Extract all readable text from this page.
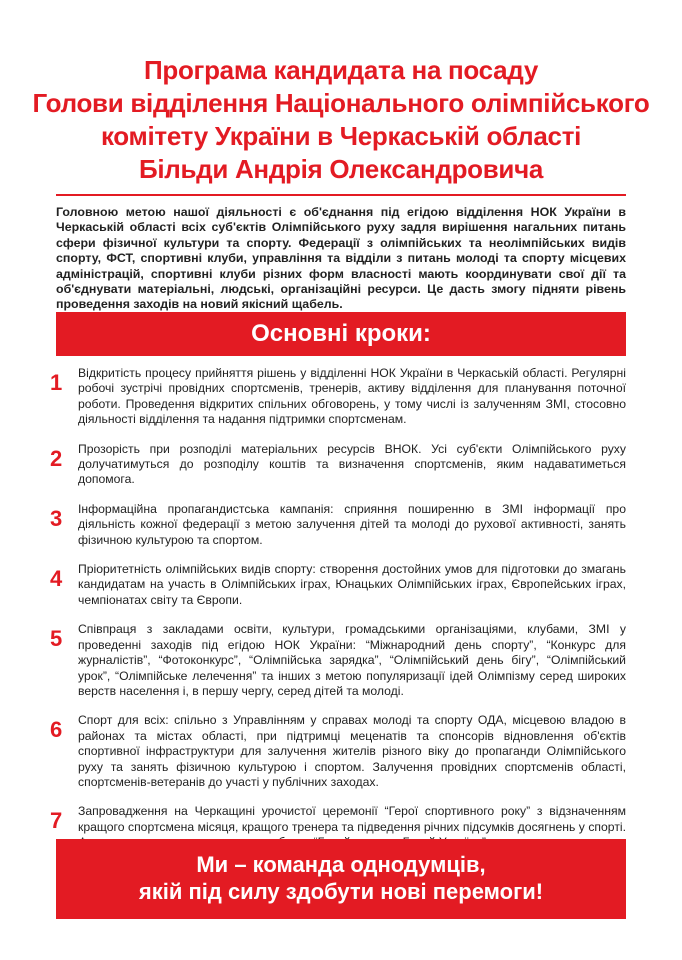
Програма кандидата на посаду
Голови відділення Національного олімпійського
комітету України в Черкаській області
Більди Андрія Олександровича

Головною метою нашої діяльності є об'єднання під егідою відділення НОК України в Черкаській області всіх суб'єктів Олімпійського руху задля вирішення нагальних питань сфери фізичної культури та спорту. Федерації з олімпійських та неолімпійських видів спорту, ФСТ, спортивні клуби, управління та відділи з питань молоді та спорту місцевих адміністрацій, спортивні клуби різних форм власності мають координувати свої дії та об'єднувати матеріальні, людські, організаційні ресурси. Це дасть змогу підняти рівень проведення заходів на новий якісний щабель.

Основні кроки:
1	Відкритість процесу прийняття рішень у відділенні НОК України в Черкаській області. Регулярні робочі зустрічі провідних спортсменів, тренерів, активу відділення для планування поточної роботи. Проведення відкритих спільних обговорень, у тому числі із залученням ЗМІ, стосовно діяльності відділення та надання підтримки спортсменам.
2	Прозорість при розподілі матеріальних ресурсів ВНОК. Усі суб'єкти Олімпійського руху долучатимуться до розподілу коштів та визначення спортсменів, яким надаватиметься допомога.
3	Інформаційна пропагандистська кампанія: сприяння поширенню в ЗМІ інформації про діяльність кожної федерації з метою залучення дітей та молоді до рухової активності, занять фізичною культурою та спортом.
4	Пріоритетність олімпійських видів спорту: створення достойних умов для підготовки до змагань кандидатам на участь в Олімпійських іграх, Юнацьких Олімпійських іграх, Європейських іграх, чемпіонатах світу та Європи.
5	Співпраця з закладами освіти, культури, громадськими організаціями, клубами, ЗМІ у проведенні заходів під егідою НОК України: “Міжнародний день спорту”, “Конкурс для журналістів”, “Фотоконкурс”, “Олімпійська зарядка”, “Олімпійський день бігу”, “Олімпійський урок”, “Олімпійське лелечення” та інших з метою популяризації ідей Олімпізму серед широких верств населення і, в першу чергу, серед дітей та молоді.
6	Спорт для всіх: спільно з Управлінням у справах молоді та спорту ОДА, місцевою владою в районах та містах області, при підтримці меценатів та спонсорів відновлення об'єктів спортивної інфраструктури для залучення жителів різного віку до пропаганди Олімпійського руху та занять фізичною культурою і спортом. Залучення провідних спортсменів області, спортсменів-ветеранів до участі у публічних заходах.
7	Запровадження на Черкащині урочистої церемонії “Герої спортивного року” з відзначенням кращого спортсмена місяця, кращого тренера та підведення річних підсумків досягнень у спорті.
Ми – команда однодумців,
якій під силу здобути нові перемоги!
